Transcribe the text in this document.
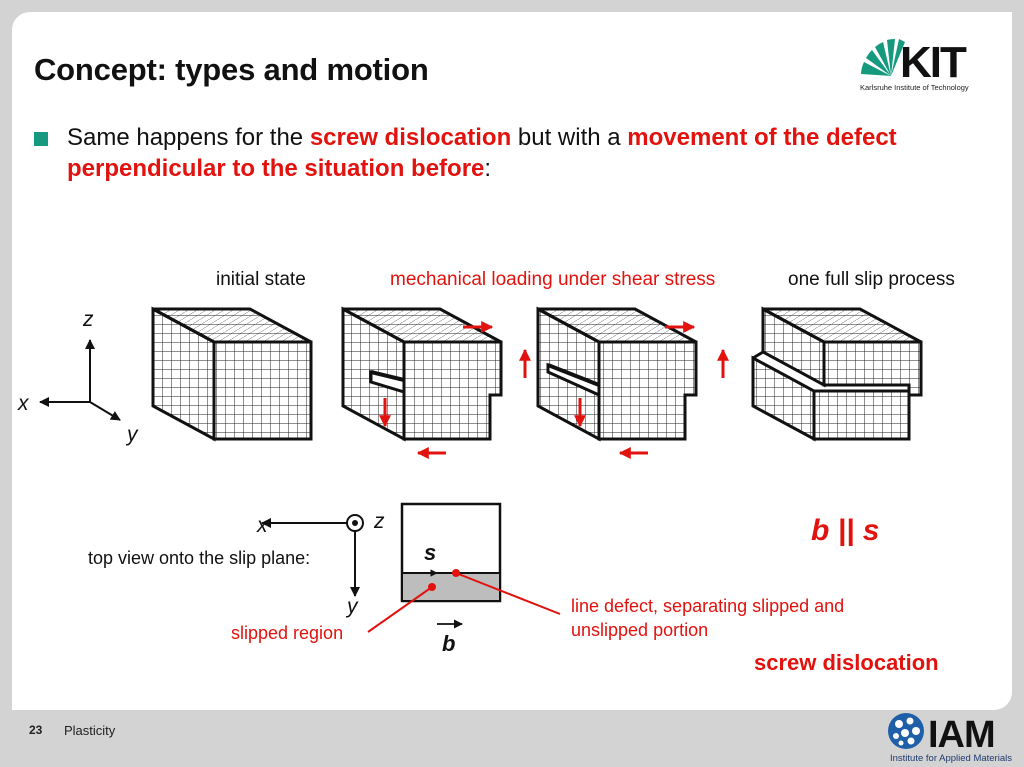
Concept: types and motion
Same happens for the screw dislocation but with a movement of the defect perpendicular to the situation before:
KIT
Karlsruhe Institute of Technology
initial state	mechanical loading under shear stress	one full slip process
z
x
y
top view onto the slip plane:
x	z
y
s
b
slipped region
line defect, separating slipped and
unslipped portion
b || s
screw dislocation
23 Plasticity	IAM
Institute for Applied Materials
